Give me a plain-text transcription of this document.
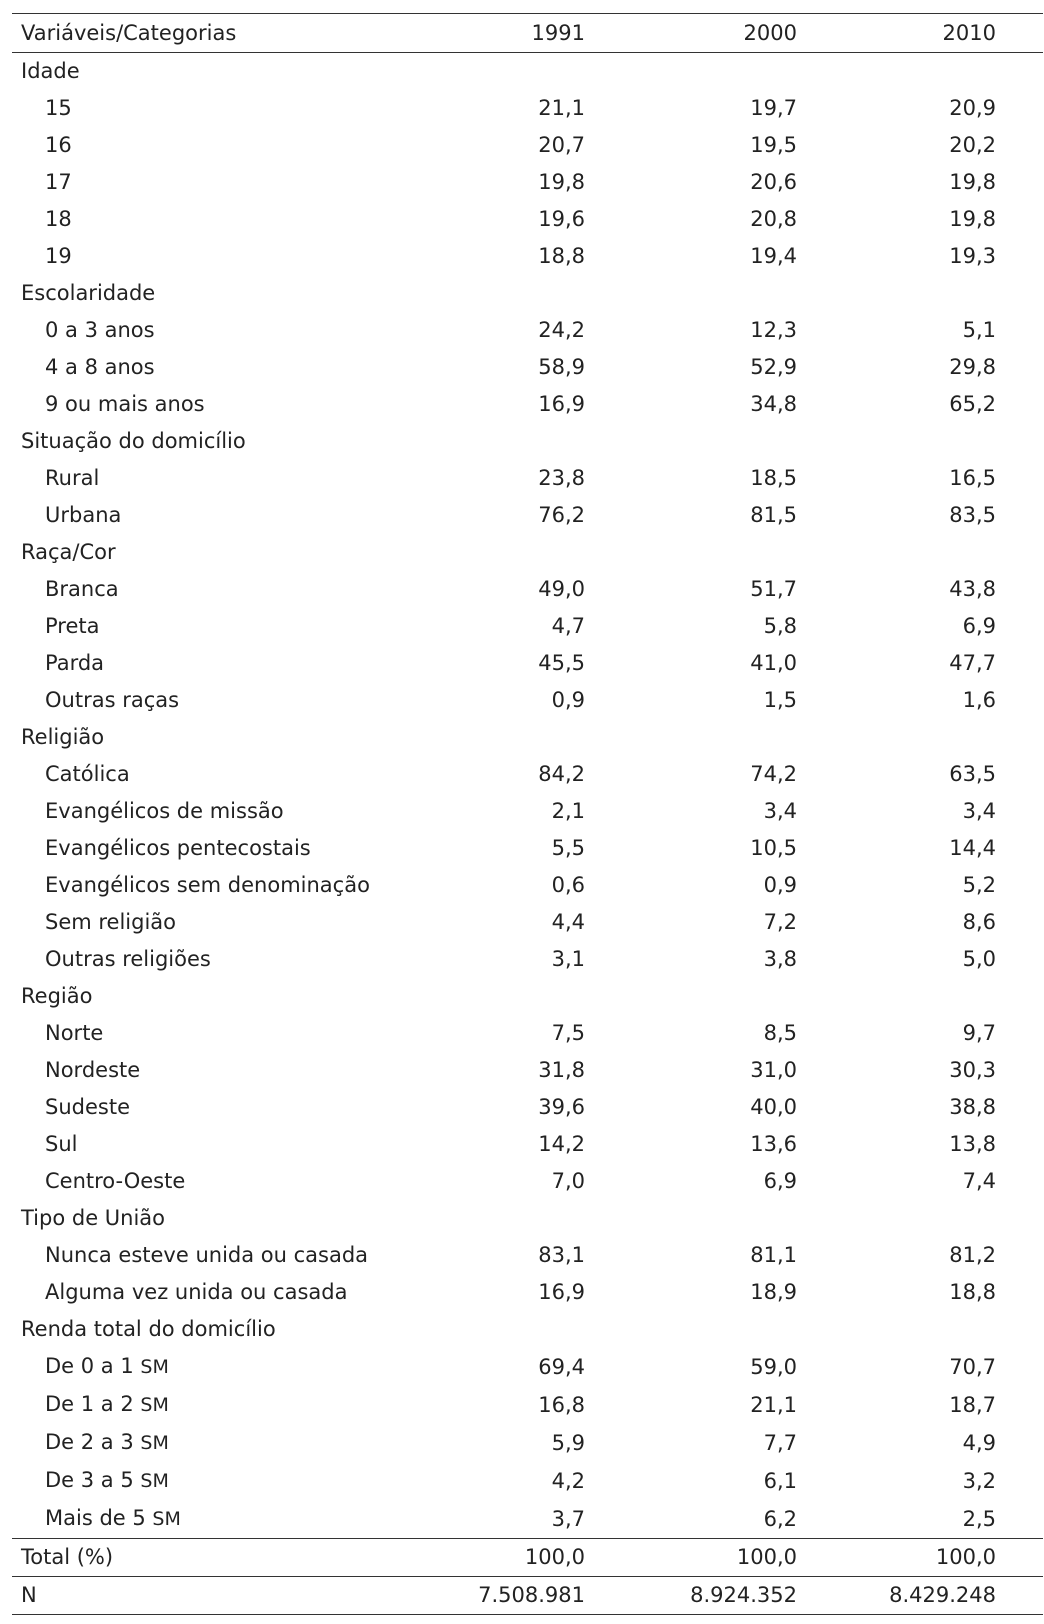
Variáveis/Categorias	1991	2000	2010	
Idade				
15	21,1	19,7	20,9	
16	20,7	19,5	20,2	
17	19,8	20,6	19,8	
18	19,6	20,8	19,8	
19	18,8	19,4	19,3	
Escolaridade				
0 a 3 anos	24,2	12,3	5,1	
4 a 8 anos	58,9	52,9	29,8	
9 ou mais anos	16,9	34,8	65,2	
Situação do domicílio				
Rural	23,8	18,5	16,5	
Urbana	76,2	81,5	83,5	
Raça/Cor				
Branca	49,0	51,7	43,8	
Preta	4,7	5,8	6,9	
Parda	45,5	41,0	47,7	
Outras raças	0,9	1,5	1,6	
Religião				
Católica	84,2	74,2	63,5	
Evangélicos de missão	2,1	3,4	3,4	
Evangélicos pentecostais	5,5	10,5	14,4	
Evangélicos sem denominação	0,6	0,9	5,2	
Sem religião	4,4	7,2	8,6	
Outras religiões	3,1	3,8	5,0	
Região				
Norte	7,5	8,5	9,7	
Nordeste	31,8	31,0	30,3	
Sudeste	39,6	40,0	38,8	
Sul	14,2	13,6	13,8	
Centro-Oeste	7,0	6,9	7,4	
Tipo de União				
Nunca esteve unida ou casada	83,1	81,1	81,2	
Alguma vez unida ou casada	16,9	18,9	18,8	
Renda total do domicílio				
De 0 a 1 SM	69,4	59,0	70,7	
De 1 a 2 SM	16,8	21,1	18,7	
De 2 a 3 SM	5,9	7,7	4,9	
De 3 a 5 SM	4,2	6,1	3,2	
Mais de 5 SM	3,7	6,2	2,5	
Total (%)	100,0	100,0	100,0	
N	7.508.981	8.924.352	8.429.248	
